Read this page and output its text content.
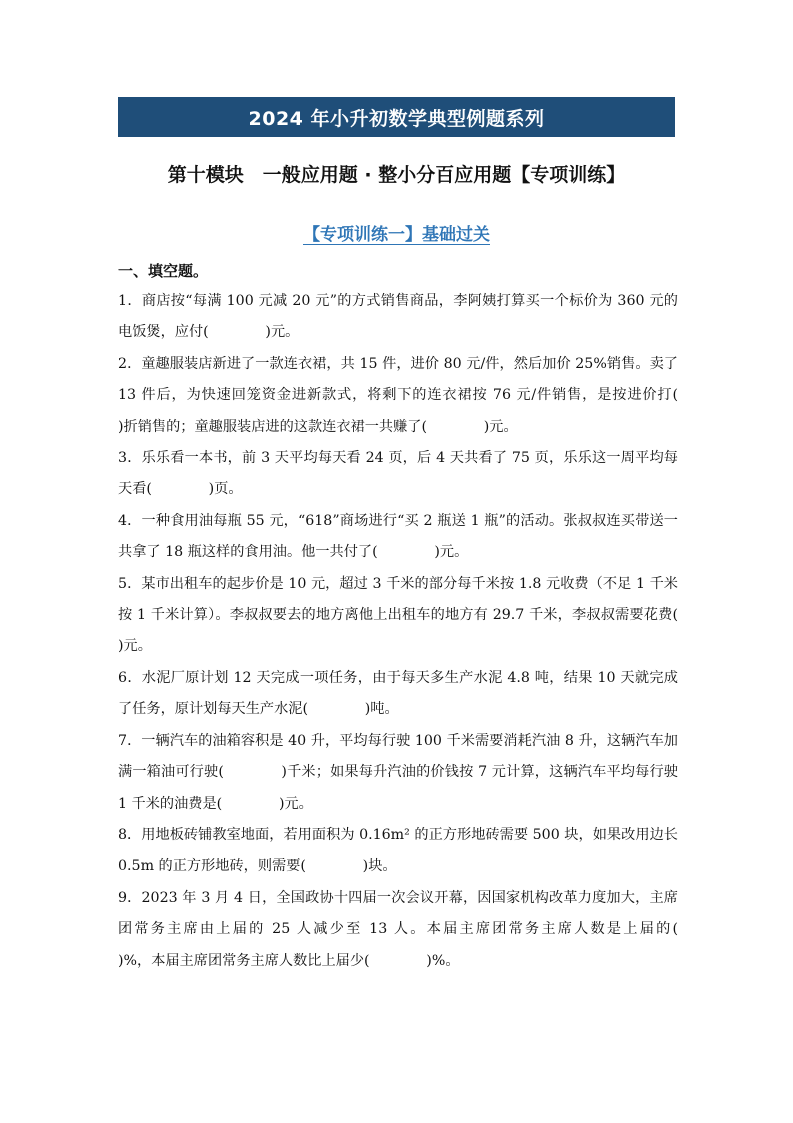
2024 年小升初数学典型例题系列
第十模块　一般应用题 · 整小分百应用题【专项训练】
【专项训练一】基础过关
一、填空题。

1．商店按“每满 100 元减 20 元”的方式销售商品，李阿姨打算买一个标价为 360 元的电饭煲，应付(　　　　)元。

2．童趣服装店新进了一款连衣裙，共 15 件，进价 80 元/件，然后加价 25%销售。卖了 13 件后，为快速回笼资金进新款式，将剩下的连衣裙按 76 元/件销售，是按进价打(　　　　)折销售的；童趣服装店进的这款连衣裙一共赚了(　　　　)元。

3．乐乐看一本书，前 3 天平均每天看 24 页，后 4 天共看了 75 页，乐乐这一周平均每天看(　　　　)页。

4．一种食用油每瓶 55 元，“618”商场进行“买 2 瓶送 1 瓶”的活动。张叔叔连买带送一共拿了 18 瓶这样的食用油。他一共付了(　　　　)元。

5．某市出租车的起步价是 10 元，超过 3 千米的部分每千米按 1.8 元收费（不足 1 千米按 1 千米计算）。李叔叔要去的地方离他上出租车的地方有 29.7 千米，李叔叔需要花费(　　　　)元。

6．水泥厂原计划 12 天完成一项任务，由于每天多生产水泥 4.8 吨，结果 10 天就完成了任务，原计划每天生产水泥(　　　　)吨。

7．一辆汽车的油箱容积是 40 升，平均每行驶 100 千米需要消耗汽油 8 升，这辆汽车加满一箱油可行驶(　　　　)千米；如果每升汽油的价钱按 7 元计算，这辆汽车平均每行驶 1 千米的油费是(　　　　)元。

8．用地板砖铺教室地面，若用面积为 0.16m² 的正方形地砖需要 500 块，如果改用边长 0.5m 的正方形地砖，则需要(　　　　)块。

9．2023 年 3 月 4 日，全国政协十四届一次会议开幕，因国家机构改革力度加大，主席团常务主席由上届的 25 人减少至 13 人。本届主席团常务主席人数是上届的(　　　　)%，本届主席团常务主席人数比上届少(　　　　)%。
